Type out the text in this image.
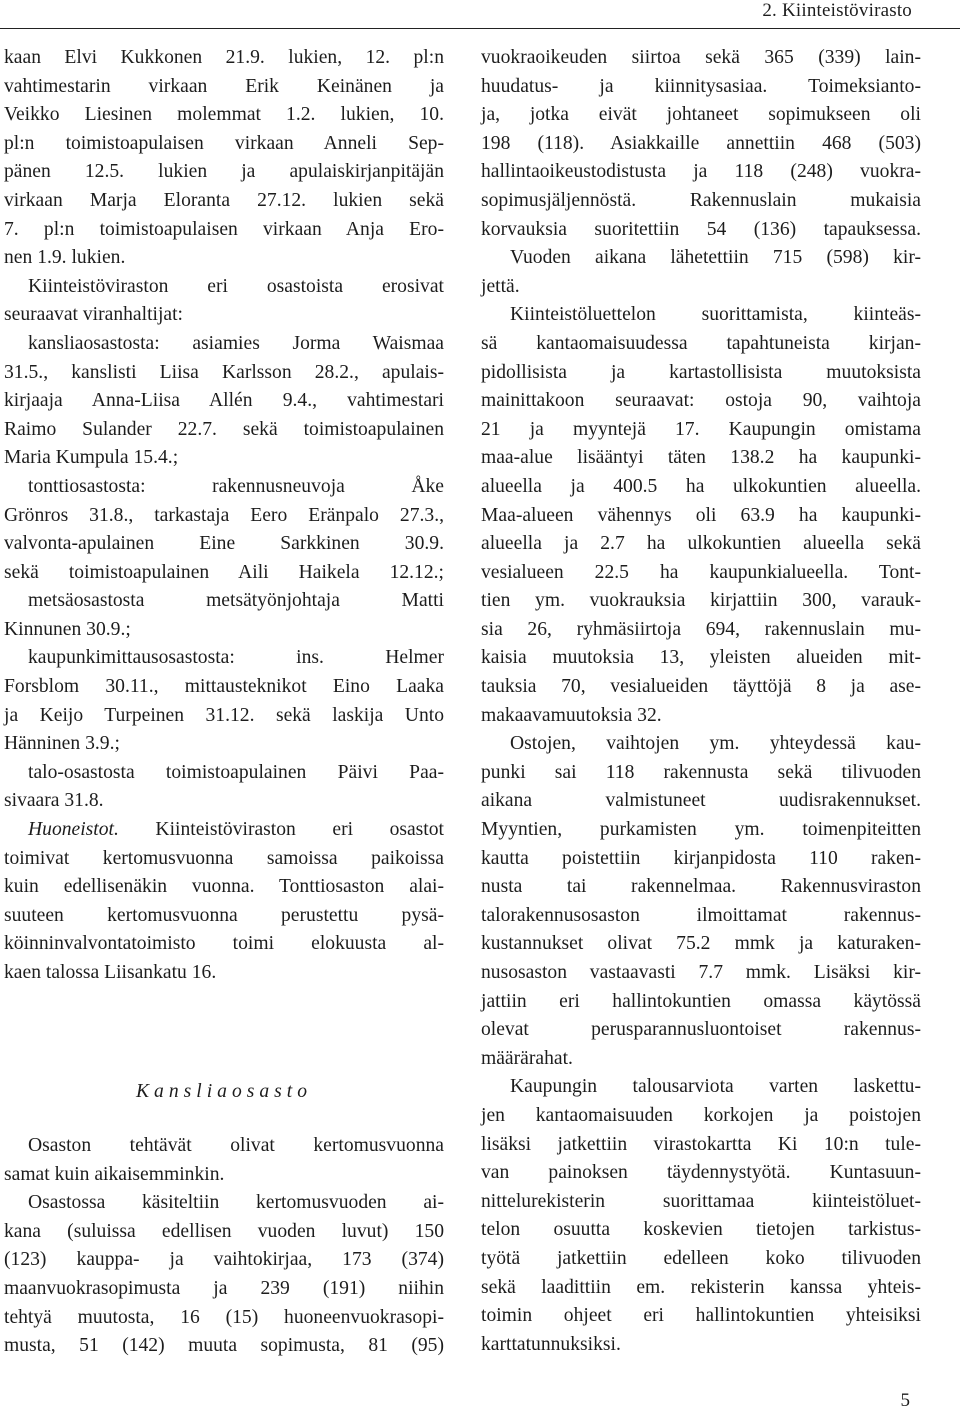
2. Kiinteistövirasto
kaan Elvi Kukkonen 21.9. lukien, 12. pl:n
vahtimestarin virkaan Erik Keinänen ja
Veikko Liesinen molemmat 1.2. lukien, 10.
pl:n toimistoapulaisen virkaan Anneli Sep-
pänen 12.5. lukien ja apulaiskirjanpitäjän
virkaan Marja Eloranta 27.12. lukien sekä
7. pl:n toimistoapulaisen virkaan Anja Ero-
nen 1.9. lukien.
Kiinteistöviraston eri osastoista erosivat
seuraavat viranhaltijat:
kansliaosastosta: asiamies Jorma Waismaa
31.5., kanslisti Liisa Karlsson 28.2., apulais-
kirjaaja Anna-Liisa Allén 9.4., vahtimestari
Raimo Sulander 22.7. sekä toimistoapulainen
Maria Kumpula 15.4.;
tonttiosastosta: rakennusneuvoja Åke
Grönros 31.8., tarkastaja Eero Eränpalo 27.3.,
valvonta-apulainen Eine Sarkkinen 30.9.
sekä toimistoapulainen Aili Haikela 12.12.;
metsäosastosta metsätyönjohtaja Matti
Kinnunen 30.9.;
kaupunkimittausosastosta: ins. Helmer
Forsblom 30.11., mittausteknikot Eino Laaka
ja Keijo Turpeinen 31.12. sekä laskija Unto
Hänninen 3.9.;
talo-osastosta toimistoapulainen Päivi Paa-
sivaara 31.8.
Huoneistot. Kiinteistöviraston eri osastot
toimivat kertomusvuonna samoissa paikoissa
kuin edellisenäkin vuonna. Tonttiosaston alai-
suuteen kertomusvuonna perustettu pysä-
köinninvalvontatoimisto toimi elokuusta al-
kaen talossa Liisankatu 16.
Kansliaosasto
Osaston tehtävät olivat kertomusvuonna
samat kuin aikaisemminkin.
Osastossa käsiteltiin kertomusvuoden ai-
kana (suluissa edellisen vuoden luvut) 150
(123) kauppa- ja vaihtokirjaa, 173 (374)
maanvuokrasopimusta ja 239 (191) niihin
tehtyä muutosta, 16 (15) huoneenvuokrasopi-
musta, 51 (142) muuta sopimusta, 81 (95)
vuokraoikeuden siirtoa sekä 365 (339) lain-
huudatus- ja kiinnitysasiaa. Toimeksianto-
ja, jotka eivät johtaneet sopimukseen oli
198 (118). Asiakkaille annettiin 468 (503)
hallintaoikeustodistusta ja 118 (248) vuokra-
sopimusjäljennöstä. Rakennuslain mukaisia
korvauksia suoritettiin 54 (136) tapauksessa.
Vuoden aikana lähetettiin 715 (598) kir-
jettä.
Kiinteistöluettelon suorittamista, kiinteäs-
sä kantaomaisuudessa tapahtuneista kirjan-
pidollisista ja kartastollisista muutoksista
mainittakoon seuraavat: ostoja 90, vaihtoja
21 ja myyntejä 17. Kaupungin omistama
maa-alue lisääntyi täten 138.2 ha kaupunki-
alueella ja 400.5 ha ulkokuntien alueella.
Maa-alueen vähennys oli 63.9 ha kaupunki-
alueella ja 2.7 ha ulkokuntien alueella sekä
vesialueen 22.5 ha kaupunkialueella. Tont-
tien ym. vuokrauksia kirjattiin 300, varauk-
sia 26, ryhmäsiirtoja 694, rakennuslain mu-
kaisia muutoksia 13, yleisten alueiden mit-
tauksia 70, vesialueiden täyttöjä 8 ja ase-
makaavamuutoksia 32.
Ostojen, vaihtojen ym. yhteydessä kau-
punki sai 118 rakennusta sekä tilivuoden
aikana valmistuneet uudisrakennukset.
Myyntien, purkamisten ym. toimenpiteitten
kautta poistettiin kirjanpidosta 110 raken-
nusta tai rakennelmaa. Rakennusviraston
talorakennusosaston ilmoittamat rakennus-
kustannukset olivat 75.2 mmk ja katuraken-
nusosaston vastaavasti 7.7 mmk. Lisäksi kir-
jattiin eri hallintokuntien omassa käytössä
olevat perusparannusluontoiset rakennus-
määrärahat.
Kaupungin talousarviota varten laskettu-
jen kantaomaisuuden korkojen ja poistojen
lisäksi jatkettiin virastokartta Ki 10:n tule-
van painoksen täydennystyötä. Kuntasuun-
nittelurekisterin suorittamaa kiinteistöluet-
telon osuutta koskevien tietojen tarkistus-
työtä jatkettiin edelleen koko tilivuoden
sekä laadittiin em. rekisterin kanssa yhteis-
toimin ohjeet eri hallintokuntien yhteisiksi
karttatunnuksiksi.
5
